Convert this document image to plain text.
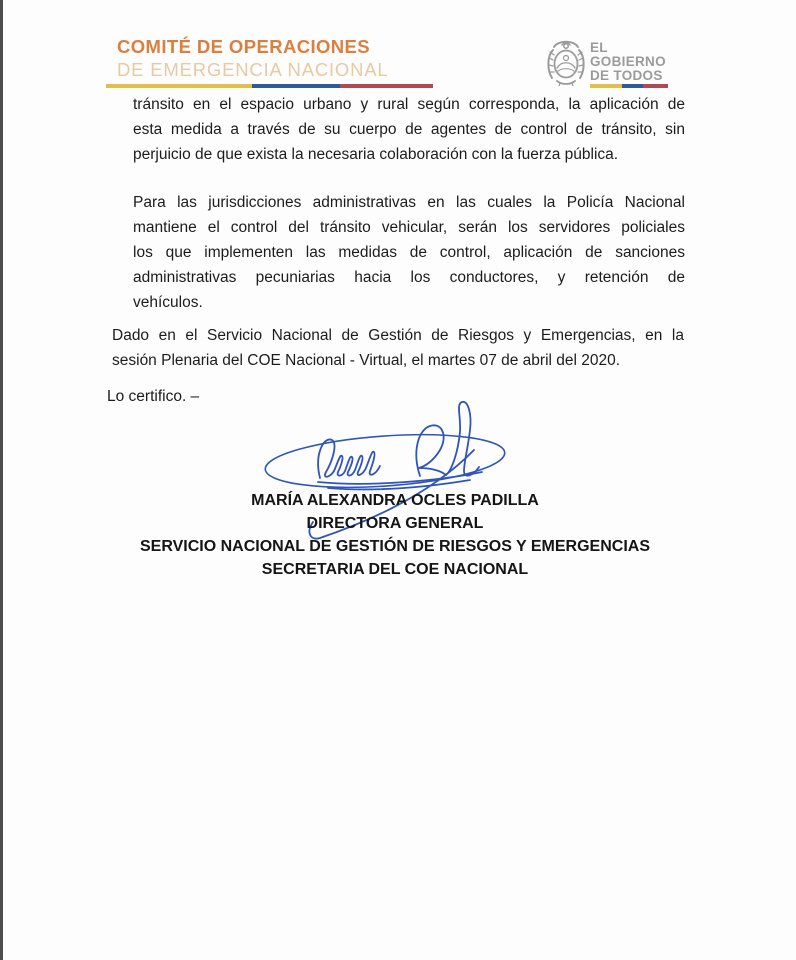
COMITÉ DE OPERACIONES
DE EMERGENCIA NACIONAL
EL
GOBIERNO
DE TODOS
tránsito en el espacio urbano y rural según corresponda, la aplicación de
esta medida a través de su cuerpo de agentes de control de tránsito, sin
perjuicio de que exista la necesaria colaboración con la fuerza pública.
Para las jurisdicciones administrativas en las cuales la Policía Nacional
mantiene el control del tránsito vehicular, serán los servidores policiales
los que implementen las medidas de control, aplicación de sanciones
administrativas pecuniarias hacia los conductores, y retención de
vehículos.
Dado en el Servicio Nacional de Gestión de Riesgos y Emergencias, en la
sesión Plenaria del COE Nacional - Virtual, el martes 07 de abril del 2020.
Lo certifico. –
MARÍA ALEXANDRA OCLES PADILLA
DIRECTORA GENERAL
SERVICIO NACIONAL DE GESTIÓN DE RIESGOS Y EMERGENCIAS
SECRETARIA DEL COE NACIONAL
